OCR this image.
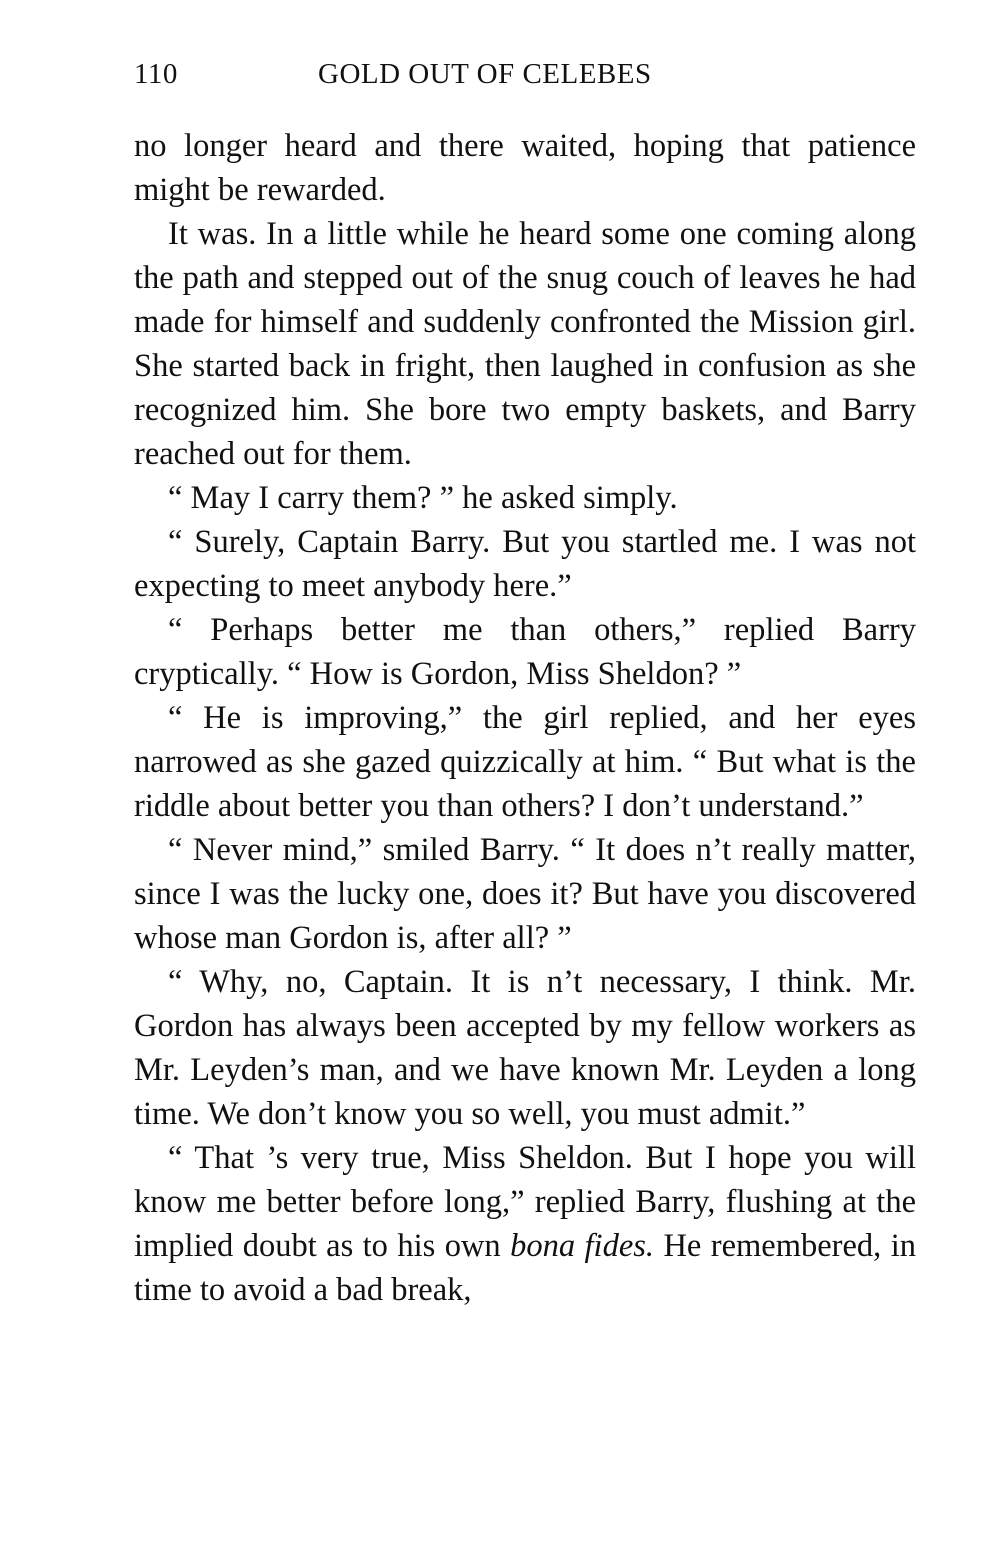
110	GOLD OUT OF CELEBES

no longer heard and there waited, hoping that patience might be rewarded.

It was. In a little while he heard some one coming along the path and stepped out of the snug couch of leaves he had made for himself and suddenly confronted the Mission girl. She started back in fright, then laughed in confusion as she recognized him. She bore two empty baskets, and Barry reached out for them.

“ May I carry them? ” he asked simply.

“ Surely, Captain Barry. But you startled me. I was not expecting to meet anybody here.”

“ Perhaps better me than others,” replied Barry cryptically. “ How is Gordon, Miss Sheldon? ”

“ He is improving,” the girl replied, and her eyes narrowed as she gazed quizzically at him. “ But what is the riddle about better you than others? I don’t understand.”

“ Never mind,” smiled Barry. “ It does n’t really matter, since I was the lucky one, does it? But have you discovered whose man Gordon is, after all? ”

“ Why, no, Captain. It is n’t necessary, I think. Mr. Gordon has always been accepted by my fellow workers as Mr. Leyden’s man, and we have known Mr. Leyden a long time. We don’t know you so well, you must admit.”

“ That ’s very true, Miss Sheldon. But I hope you will know me better before long,” replied Barry, flushing at the implied doubt as to his own bona fides. He remembered, in time to avoid a bad break,
